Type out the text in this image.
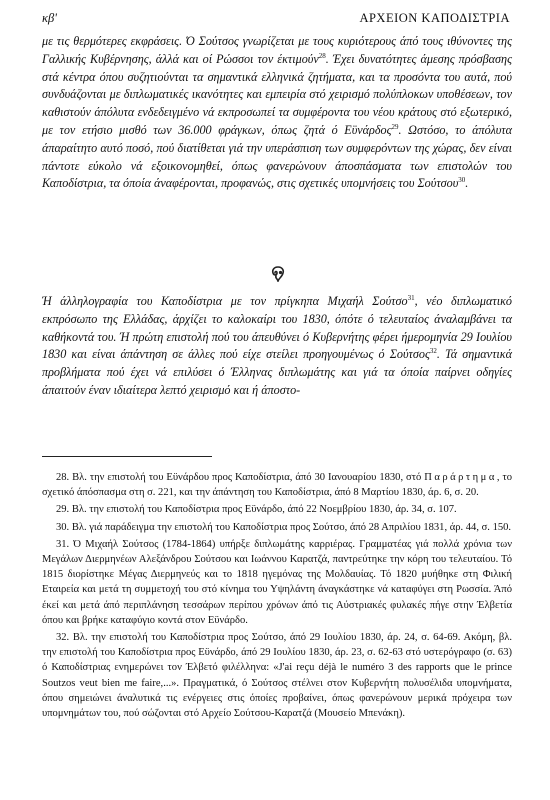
κβ'	ΑΡΧΕΙΟΝ ΚΑΠΟΔΙΣΤΡΙΑ

με τις θερμότερες εκφράσεις. Ό Σούτσος γνωρίζεται με τους κυριότερους άπό τους ιθύνοντες της Γαλλικής Κυβέρνησης, άλλά και οί Ρώσσοι τον έκτιμούν$^{28}$. Έχει δυνατότητες άμεσης πρόσβασης στά κέντρα όπου συζητιούνται τα σημαντικά ελληνικά ζητήματα, και τα προσόντα του αυτά, πού συνδυάζονται με διπλωματικές ικανότητες και εμπειρία στό χειρισμό πολύπλοκων υποθέσεων, τον καθιστούν άπόλυτα ενδεδειγμένο νά εκπροσωπεί τα συμφέροντα του νέου κράτους στό εξωτερικό, με τον ετήσιο μισθό των 36.000 φράγκων, όπως ζητά ό Εϋνάρδος$^{29}$. Ωστόσο, το άπόλυτα άπαραίτητο αυτό ποσό, πού διατίθεται γιά την υπεράσπιση των συμφερόντων της χώρας, δεν είναι πάντοτε εύκολο νά εξοικονομηθεί, όπως φανερώνουν άποσπάσματα των επιστολών του Καποδίστρια, τα όποία άναφέρονται, προφανώς, στις σχετικές υπομνήσεις του Σούτσου$^{30}$.

Ή άλληλογραφία του Καποδίστρια με τον πρίγκηπα Μιχαήλ Σούτσο$^{31}$, νέο διπλωματικό εκπρόσωπο της Ελλάδας, άρχίζει το καλοκαίρι του 1830, όπότε ό τελευταίος άναλαμβάνει τα καθήκοντά του. Ή πρώτη επιστολή πού του άπευθύνει ό Κυβερνήτης φέρει ήμερομηνία 29 Ιουλίου 1830 και είναι άπάντηση σε άλλες πού είχε στείλει προηγουμένως ό Σούτσος$^{32}$. Τά σημαντικά προβλήματα πού έχει νά επιλύσει ό Έλληνας διπλωμάτης και γιά τα όποία παίρνει οδηγίες άπαιτούν έναν ιδιαίτερα λεπτό χειρισμό και ή άποστο-

28. Βλ. την επιστολή του Εϋνάρδου προς Καποδίστρια, άπό 30 Ιανουαρίου 1830, στό Παράρτημα, το σχετικό άπόσπασμα στη σ. 221, και την άπάντηση του Καποδίστρια, άπό 8 Μαρτίου 1830, άρ. 6, σ. 20.

29. Βλ. την επιστολή του Καποδίστρια προς Εϋνάρδο, άπό 22 Νοεμβρίου 1830, άρ. 34, σ. 107.

30. Βλ. γιά παράδειγμα την επιστολή του Καποδίστρια προς Σούτσο, άπό 28 Απριλίου 1831, άρ. 44, σ. 150.

31. Ό Μιχαήλ Σούτσος (1784-1864) υπήρξε διπλωμάτης καρριέρας. Γραμματέας γιά πολλά χρόνια των Μεγάλων Διερμηνέων Αλεξάνδρου Σούτσου και Ιωάννου Καρατζά, παντρεύτηκε την κόρη του τελευταίου. Τό 1815 διορίστηκε Μέγας Διερμηνεύς και το 1818 ηγεμόνας της Μολδαυίας. Τό 1820 μυήθηκε στη Φιλική Εταιρεία και μετά τη συμμετοχή του στό κίνημα του Υψηλάντη άναγκάστηκε νά καταφύγει στη Ρωσσία. Άπό έκεί και μετά άπό περιπλάνηση τεσσάρων περίπου χρόνων άπό τις Αύστριακές φυλακές πήγε στην Έλβετία όπου και βρήκε καταφύγιο κοντά στον Εϋνάρδο.

32. Βλ. την επιστολή του Καποδίστρια προς Σούτσο, άπό 29 Ιουλίου 1830, άρ. 24, σ. 64-69. Ακόμη, βλ. την επιστολή του Καποδίστρια προς Εϋνάρδο, άπό 29 Ιουλίου 1830, άρ. 23, σ. 62-63 στό υστερόγραφο (σ. 63) ό Καποδίστριας ενημερώνει τον Έλβετό φιλέλληνα: «J'ai reçu déjà le numéro 3 des rapports que le prince Soutzos veut bien me faire,...». Πραγματικά, ό Σούτσος στέλνει στον Κυβερνήτη πολυσέλιδα υπομνήματα, όπου σημειώνει άναλυτικά τις ενέργειες στις όποίες προβαίνει, όπως φανερώνουν μερικά πρόχειρα των υπομνημάτων του, πού σώζονται στό Αρχείο Σούτσου-Καρατζά (Μουσείο Μπενάκη).
